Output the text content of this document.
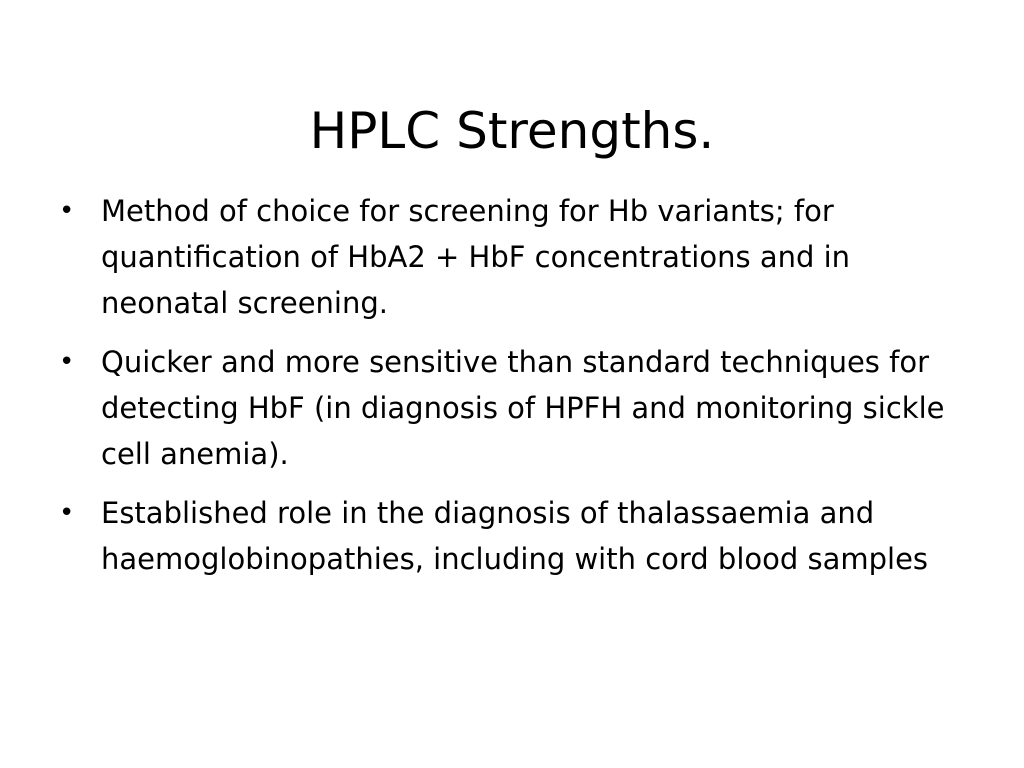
HPLC Strengths.
• Method of choice for screening for Hb variants; for quantification of HbA2 + HbF concentrations and in neonatal screening.
• Quicker and more sensitive than standard techniques for detecting HbF (in diagnosis of HPFH and monitoring sickle cell anemia).
• Established role in the diagnosis of thalassaemia and haemoglobinopathies, including with cord blood samples
